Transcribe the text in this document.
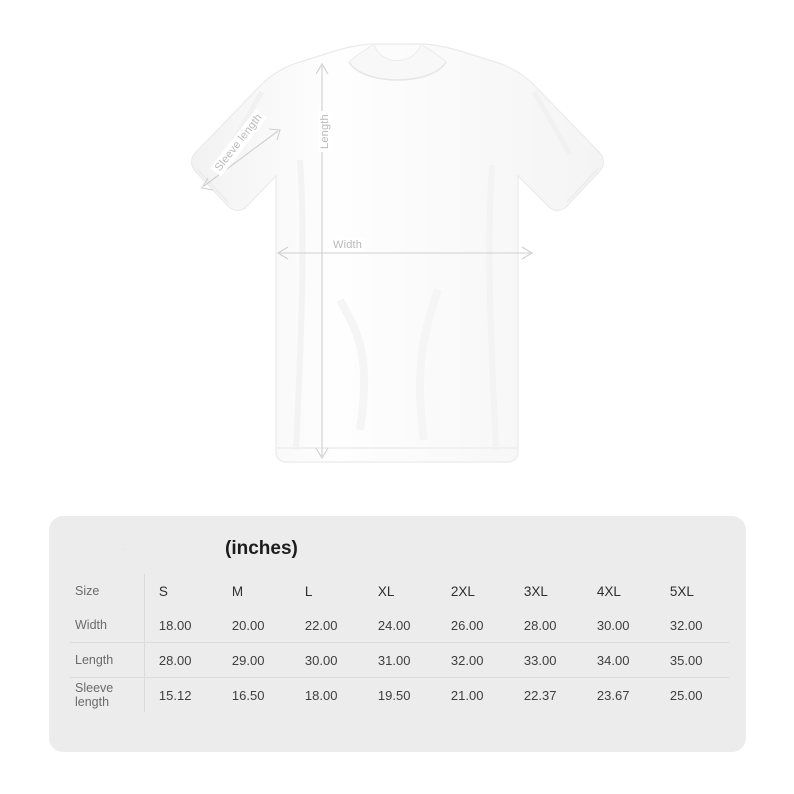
Length
Width
Sleeve length
· ·	(inches)
Size	S	M	L	XL	2XL	3XL	4XL	5XL
Width	18.00	20.00	22.00	24.00	26.00	28.00	30.00	32.00
Length	28.00	29.00	30.00	31.00	32.00	33.00	34.00	35.00
Sleeve length	15.12	16.50	18.00	19.50	21.00	22.37	23.67	25.00
